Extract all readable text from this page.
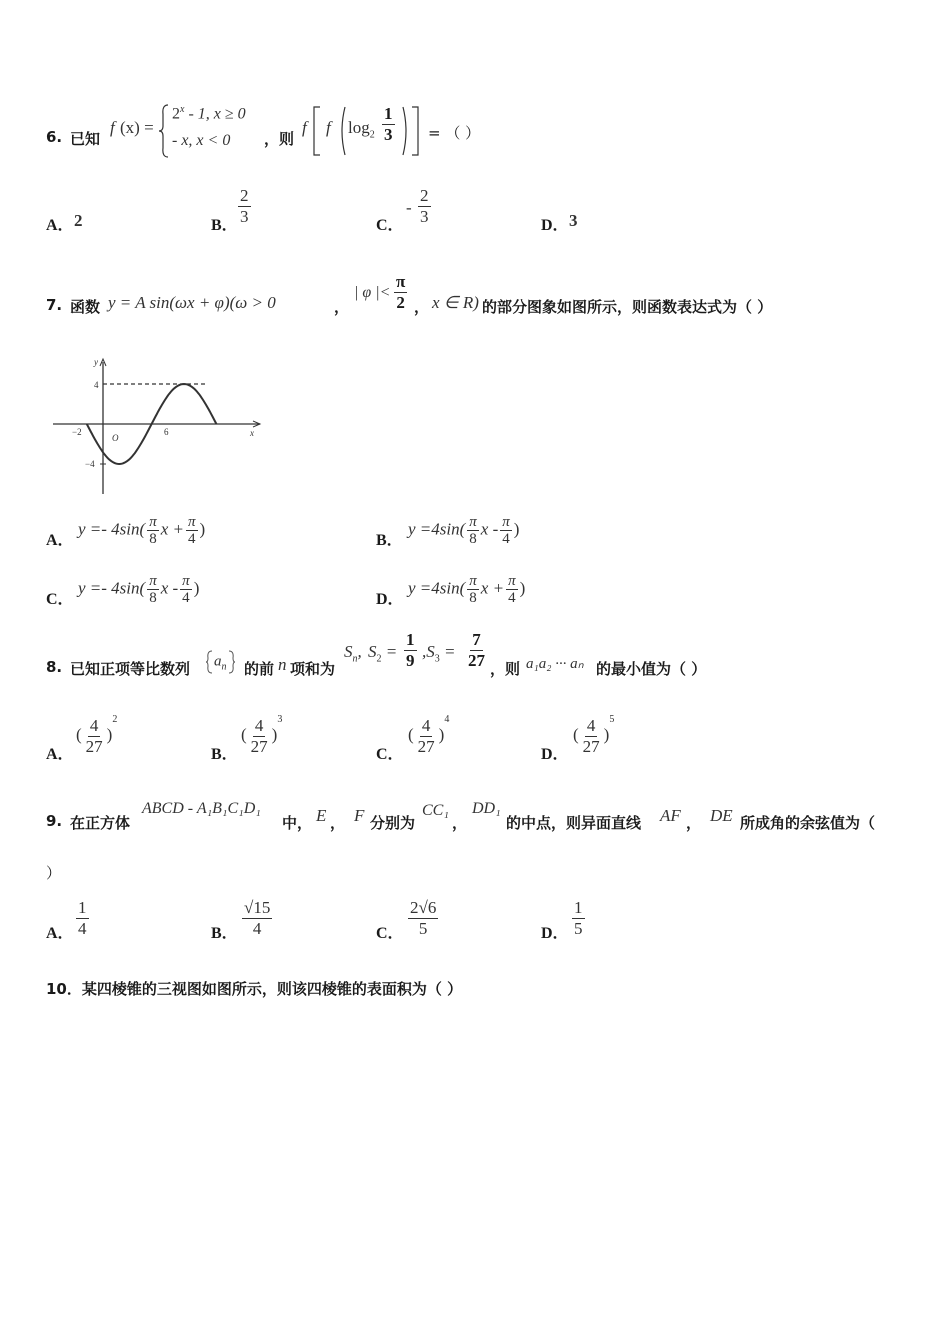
6. 已知
f (x) =
$2^x - 1$, x ≥ 0
- x, x < 0 ，则
f f $\log_2 \frac{1}{3}$ = （ ）
A． 2	B． $\frac{2}{3}$	C．
- $\frac{2}{3}$	D． 3
7. 函数 y = A sin(ωx + φ)(ω > 0	，
| φ |< $\frac{\pi}{2}$ ， x ∈ R) 的部分图象如图所示，则函数表达式为（ ）
y
x
O
4
−4
−2	6
A．
$y =- 4\sin( \frac{\pi}{8}$ $x + \frac{\pi}{4}$ )
B．
$y =4\sin( \frac{\pi}{8}$ x - $\frac{\pi}{4}$ )
C．
$y =- 4\sin( \frac{\pi}{8}$ x - $\frac{\pi}{4}$ )
D．
$y =4\sin( \frac{\pi}{8}$ $x + \frac{\pi}{4}$ )
8. 已知正项等比数列	$a_n$	的前 n 项和为
$S_n$, $S_2 = \frac{1}{9} ,S_3 = \frac{7}{27}$ ，则 a₁a₂ ··· aₙ 的最小值为（ ）
A．
( $\frac{4}{27} )^2$
B．
( $\frac{4}{27} )^3$
C．
( $\frac{4}{27} )^4$
D．
( $\frac{4}{27} )^5$
9. 在正方体
ABCD - A₁B₁C₁D₁
中， E ， F 分别为
CC₁
，
DD₁
的中点，则异面直线 AF ， DE 所成角的余弦值为（
）
A． $\frac{1}{4}$	B． $\frac{√15}{4}$	C． $\frac{2√6}{5}$	D． $\frac{1}{5}$
10．某四棱锥的三视图如图所示，则该四棱锥的表面积为（ ）
